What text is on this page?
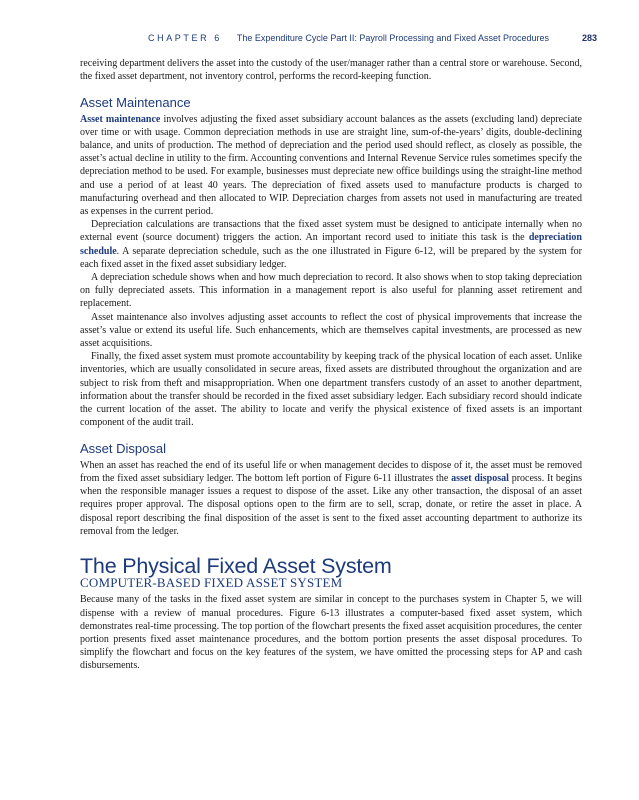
CHAPTER 6 The Expenditure Cycle Part II: Payroll Processing and Fixed Asset Procedures	283

receiving department delivers the asset into the custody of the user/manager rather than a central store or warehouse. Second, the fixed asset department, not inventory control, performs the record-keeping function.

Asset Maintenance

Asset maintenance involves adjusting the fixed asset subsidiary account balances as the assets (excluding land) depreciate over time or with usage. Common depreciation methods in use are straight line, sum-of-the-years’ digits, double-declining balance, and units of production. The method of depreciation and the period used should reflect, as closely as possible, the asset’s actual decline in utility to the firm. Accounting conventions and Internal Revenue Service rules sometimes specify the depreciation method to be used. For example, businesses must depreciate new office buildings using the straight-line method and use a period of at least 40 years. The depreciation of fixed assets used to manufacture products is charged to manufacturing overhead and then allocated to WIP. Depreciation charges from assets not used in manufacturing are treated as expenses in the current period.

Depreciation calculations are transactions that the fixed asset system must be designed to anticipate internally when no external event (source document) triggers the action. An important record used to initiate this task is the depreciation schedule. A separate depreciation schedule, such as the one illustrated in Figure 6-12, will be prepared by the system for each fixed asset in the fixed asset subsidiary ledger.

A depreciation schedule shows when and how much depreciation to record. It also shows when to stop taking depreciation on fully depreciated assets. This information in a management report is also useful for planning asset retirement and replacement.

Asset maintenance also involves adjusting asset accounts to reflect the cost of physical improvements that increase the asset’s value or extend its useful life. Such enhancements, which are themselves capital investments, are processed as new asset acquisitions.

Finally, the fixed asset system must promote accountability by keeping track of the physical location of each asset. Unlike inventories, which are usually consolidated in secure areas, fixed assets are distributed throughout the organization and are subject to risk from theft and misappropriation. When one department transfers custody of an asset to another department, information about the transfer should be recorded in the fixed asset subsidiary ledger. Each subsidiary record should indicate the current location of the asset. The ability to locate and verify the physical existence of fixed assets is an important component of the audit trail.

Asset Disposal

When an asset has reached the end of its useful life or when management decides to dispose of it, the asset must be removed from the fixed asset subsidiary ledger. The bottom left portion of Figure 6-11 illustrates the asset disposal process. It begins when the responsible manager issues a request to dispose of the asset. Like any other transaction, the disposal of an asset requires proper approval. The disposal options open to the firm are to sell, scrap, donate, or retire the asset in place. A disposal report describing the final disposition of the asset is sent to the fixed asset accounting department to authorize its removal from the ledger.

The Physical Fixed Asset System
COMPUTER-BASED FIXED ASSET SYSTEM

Because many of the tasks in the fixed asset system are similar in concept to the purchases system in Chapter 5, we will dispense with a review of manual procedures. Figure 6-13 illustrates a computer-based fixed asset system, which demonstrates real-time processing. The top portion of the flowchart presents the fixed asset acquisition procedures, the center portion presents fixed asset maintenance procedures, and the bottom portion presents the asset disposal procedures. To simplify the flowchart and focus on the key features of the system, we have omitted the processing steps for AP and cash disbursements.
